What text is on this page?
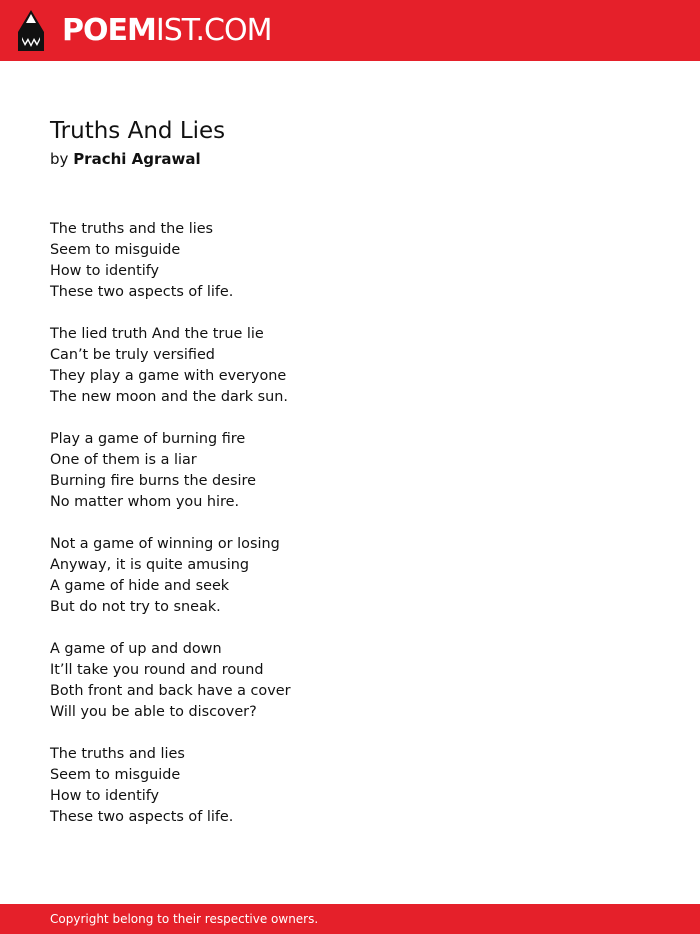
POEMIST.COM
Truths And Lies
by Prachi Agrawal
The truths and the lies
Seem to misguide
How to identify
These two aspects of life.
The lied truth And the true lie
Can’t be truly versified
They play a game with everyone
The new moon and the dark sun.
Play a game of burning fire
One of them is a liar
Burning fire burns the desire
No matter whom you hire.
Not a game of winning or losing
Anyway, it is quite amusing
A game of hide and seek
But do not try to sneak.
A game of up and down
It’ll take you round and round
Both front and back have a cover
Will you be able to discover?
The truths and lies
Seem to misguide
How to identify
These two aspects of life.
Copyright belong to their respective owners.
